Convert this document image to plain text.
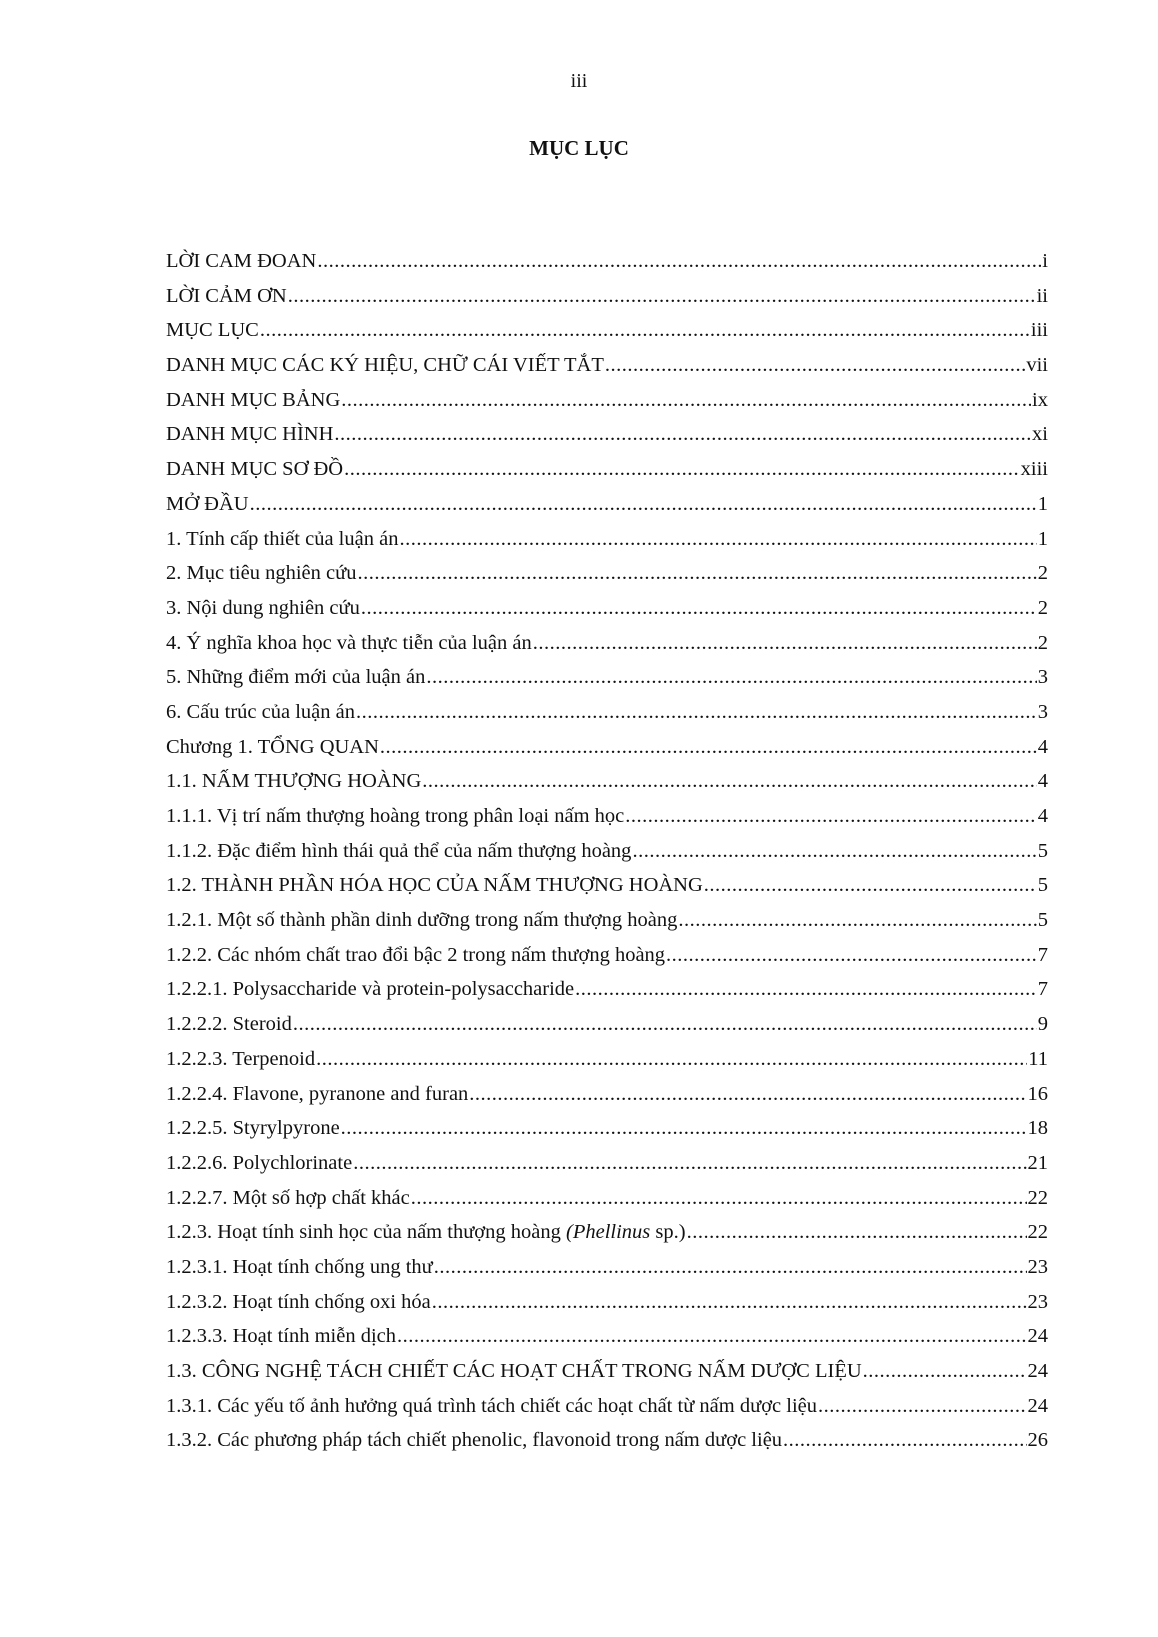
iii
MỤC LỤC
LỜI CAM ĐOAN .....	i
LỜI CẢM ƠN .....	ii
MỤC LỤC .....	iii
DANH MỤC CÁC KÝ HIỆU, CHỮ CÁI VIẾT TẮT .....	vii
DANH MỤC BẢNG .....	ix
DANH MỤC HÌNH .....	xi
DANH MỤC SƠ ĐỒ .....	xiii
MỞ ĐẦU .....	1
1. Tính cấp thiết của luận án .....	1
2. Mục tiêu nghiên cứu .....	2
3. Nội dung nghiên cứu .....	2
4. Ý nghĩa khoa học và thực tiễn của luận án .....	2
5. Những điểm mới của luận án .....	3
6. Cấu trúc của luận án .....	3
Chương 1. TỔNG QUAN .....	4
1.1. NẤM THƯỢNG HOÀNG .....	4
1.1.1. Vị trí nấm thượng hoàng trong phân loại nấm học .....	4
1.1.2. Đặc điểm hình thái quả thể của nấm thượng hoàng .....	5
1.2. THÀNH PHẦN HÓA HỌC CỦA NẤM THƯỢNG HOÀNG .....	5
1.2.1. Một số thành phần dinh dưỡng trong nấm thượng hoàng .....	5
1.2.2. Các nhóm chất trao đổi bậc 2 trong nấm thượng hoàng .....	7
1.2.2.1. Polysaccharide và protein-polysaccharide .....	7
1.2.2.2. Steroid .....	9
1.2.2.3. Terpenoid .....	11
1.2.2.4. Flavone, pyranone and furan .....	16
1.2.2.5. Styrylpyrone .....	18
1.2.2.6. Polychlorinate .....	21
1.2.2.7. Một số hợp chất khác .....	22
1.2.3. Hoạt tính sinh học của nấm thượng hoàng (Phellinus sp.) .....	22
1.2.3.1. Hoạt tính chống ung thư .....	23
1.2.3.2. Hoạt tính chống oxi hóa .....	23
1.2.3.3. Hoạt tính miễn dịch .....	24
1.3. CÔNG NGHỆ TÁCH CHIẾT CÁC HOẠT CHẤT TRONG NẤM DƯỢC LIỆU .....	24
1.3.1. Các yếu tố ảnh hưởng quá trình tách chiết các hoạt chất từ nấm dược liệu .....	24
1.3.2. Các phương pháp tách chiết phenolic, flavonoid trong nấm dược liệu .....	26
